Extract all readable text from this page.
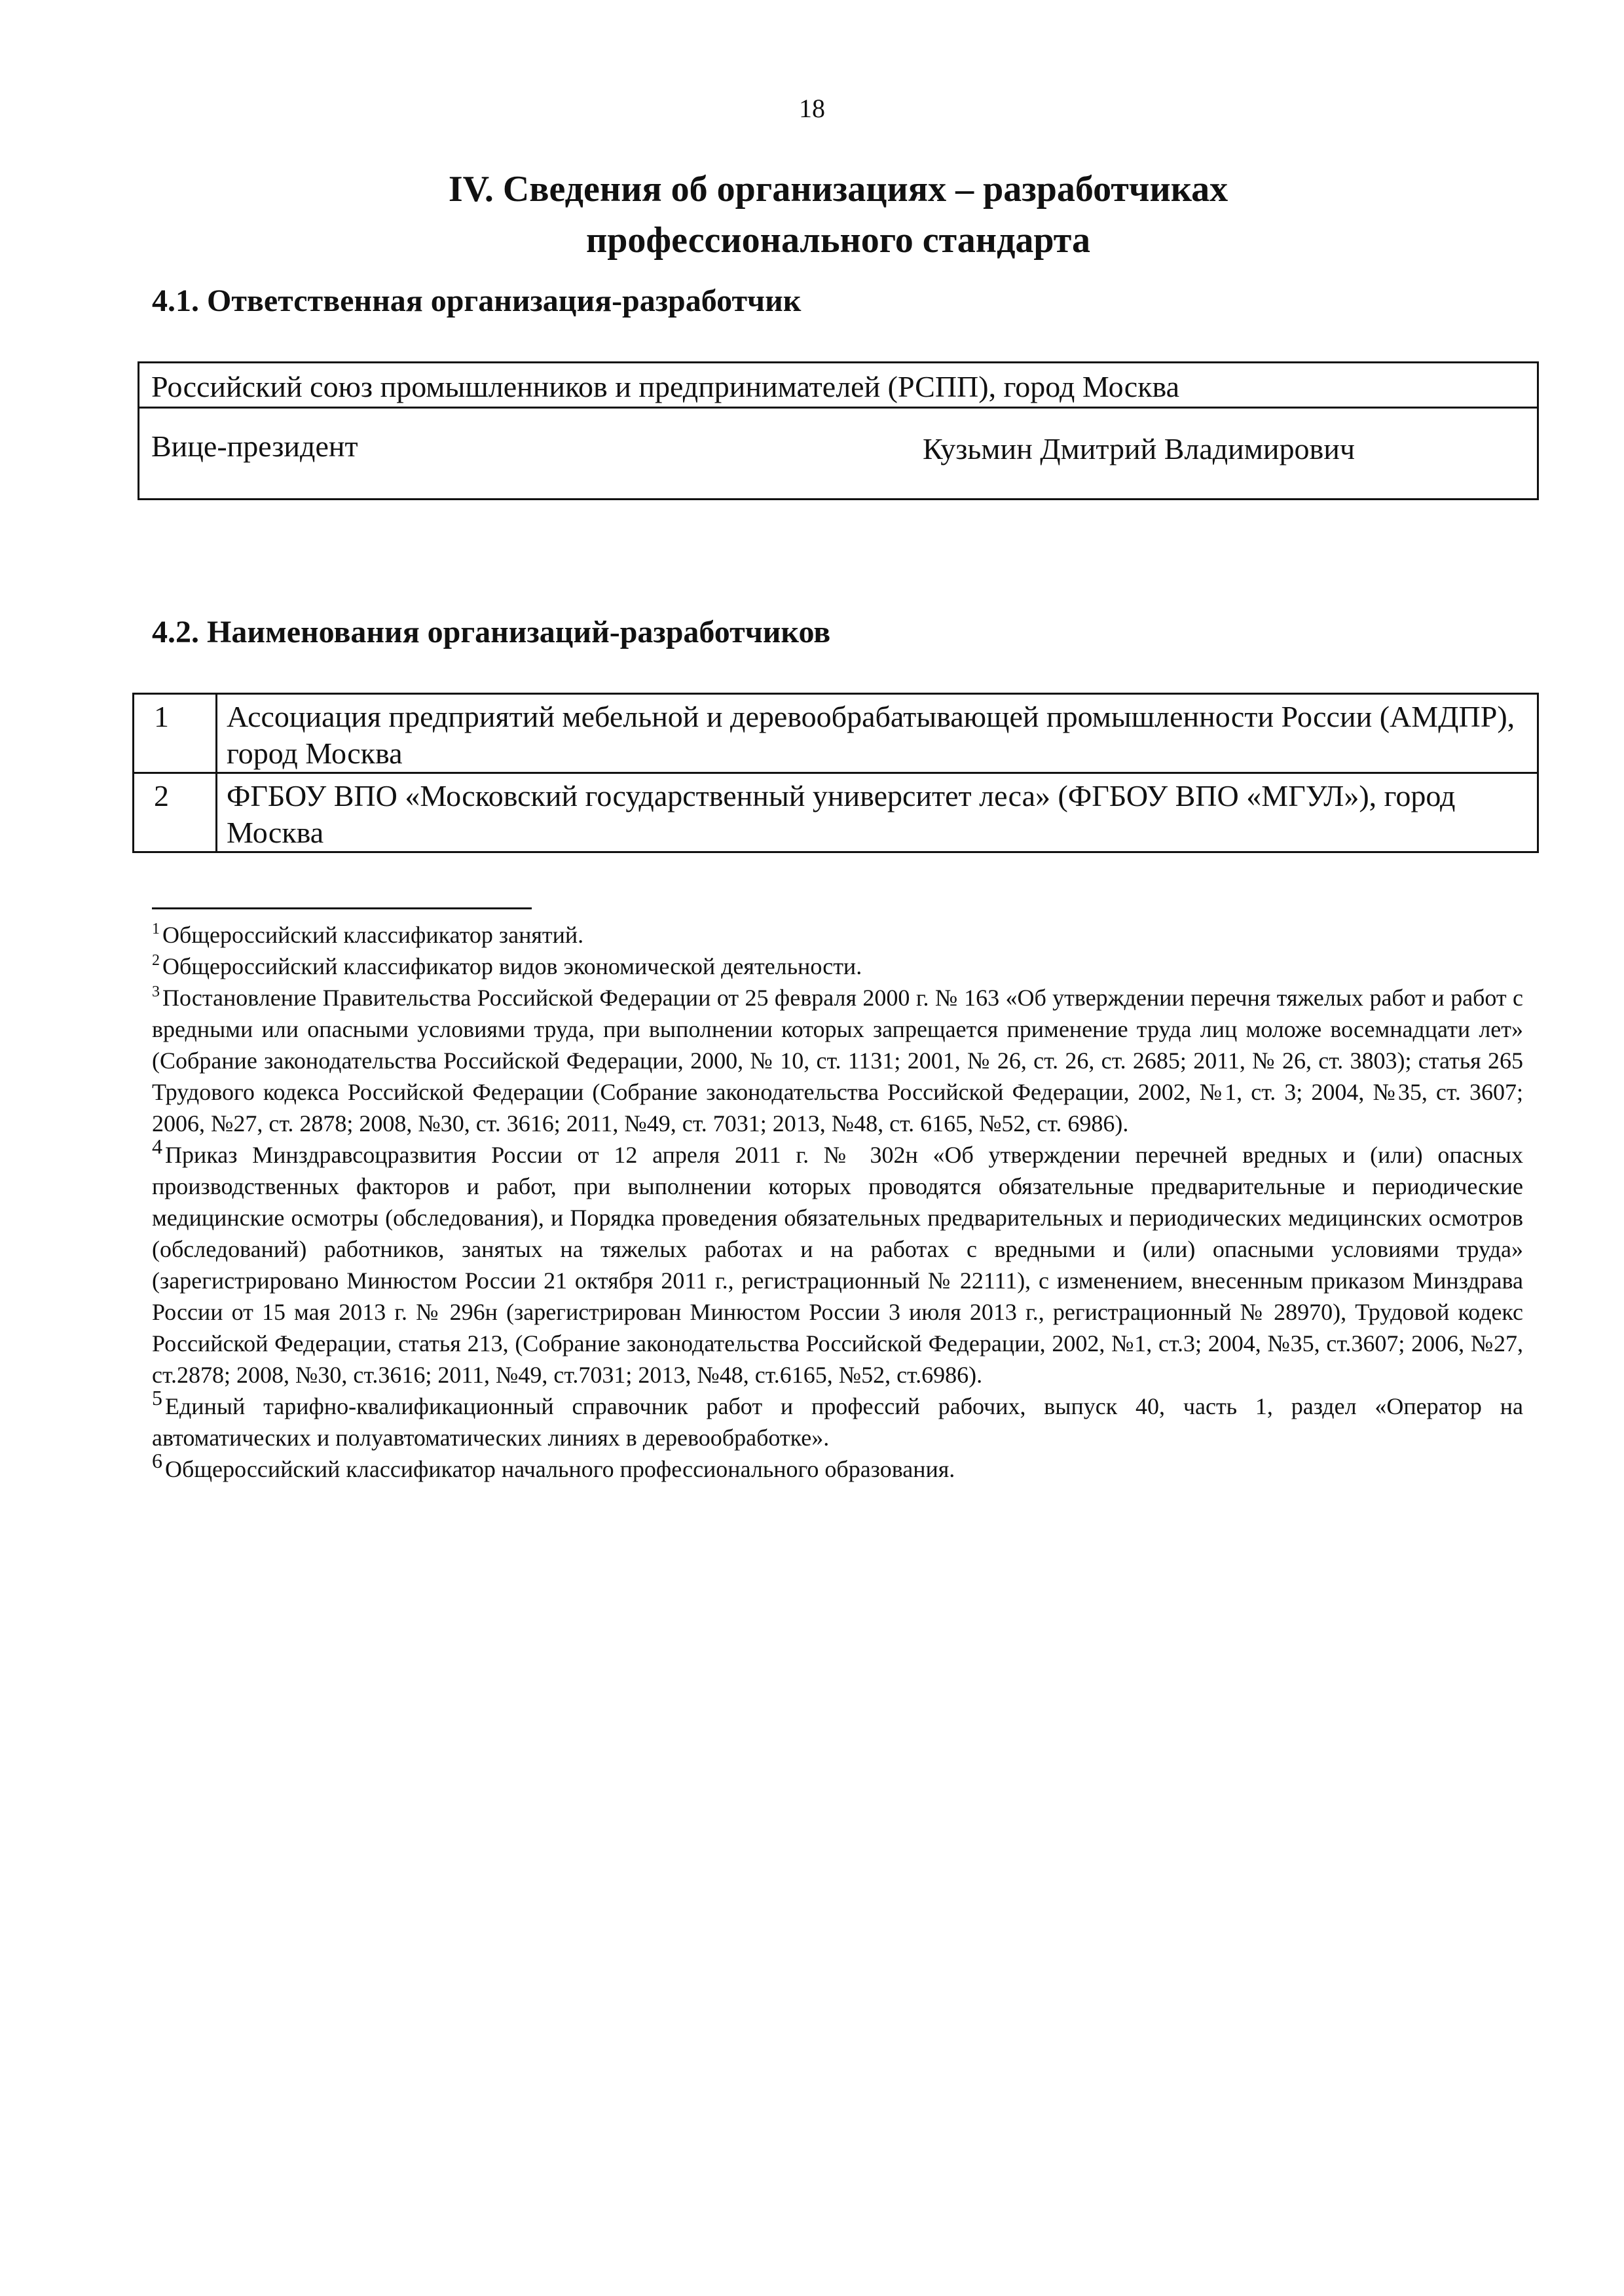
18
IV. Сведения об организациях – разработчиках
профессионального стандарта
4.1. Ответственная организация-разработчик
Российский союз промышленников и предпринимателей (РСПП), город Москва
Вице-президент	Кузьмин Дмитрий Владимирович
4.2. Наименования организаций-разработчиков
1	Ассоциация предприятий мебельной и деревообрабатывающей промышленности России (АМДПР), город Москва
2	ФГБОУ ВПО «Московский государственный университет леса» (ФГБОУ ВПО «МГУЛ»), город Москва

$^1$ Общероссийский классификатор занятий.

$^2$ Общероссийский классификатор видов экономической деятельности.

$^3$ Постановление Правительства Российской Федерации от 25 февраля 2000 г. № 163 «Об утверждении перечня тяжелых работ и работ с вредными или опасными условиями труда, при выполнении которых запрещается применение труда лиц моложе восемнадцати лет» (Собрание законодательства Российской Федерации, 2000, № 10, ст. 1131; 2001, № 26, ст. 26, ст. 2685; 2011, № 26, ст. 3803); статья 265 Трудового кодекса Российской Федерации (Собрание законодательства Российской Федерации, 2002, №1, ст. 3; 2004, №35, ст. 3607; 2006, №27, ст. 2878; 2008, №30, ст. 3616; 2011, №49, ст. 7031; 2013, №48, ст. 6165, №52, ст. 6986).

$^4$ Приказ Минздравсоцразвития России от 12 апреля 2011 г. № 302н «Об утверждении перечней вредных и (или) опасных производственных факторов и работ, при выполнении которых проводятся обязательные предварительные и периодические медицинские осмотры (обследования), и Порядка проведения обязательных предварительных и периодических медицинских осмотров (обследований) работников, занятых на тяжелых работах и на работах с вредными и (или) опасными условиями труда» (зарегистрировано Минюстом России 21 октября 2011 г., регистрационный № 22111), с изменением, внесенным приказом Минздрава России от 15 мая 2013 г. № 296н (зарегистрирован Минюстом России 3 июля 2013 г., регистрационный № 28970), Трудовой кодекс Российской Федерации, статья 213, (Собрание законодательства Российской Федерации, 2002, №1, ст.3; 2004, №35, ст.3607; 2006, №27, ст.2878; 2008, №30, ст.3616; 2011, №49, ст.7031; 2013, №48, ст.6165, №52, ст.6986).

$^5$ Единый тарифно-квалификационный справочник работ и профессий рабочих, выпуск 40, часть 1, раздел «Оператор на автоматических и полуавтоматических линиях в деревообработке».

$^6$ Общероссийский классификатор начального профессионального образования.
